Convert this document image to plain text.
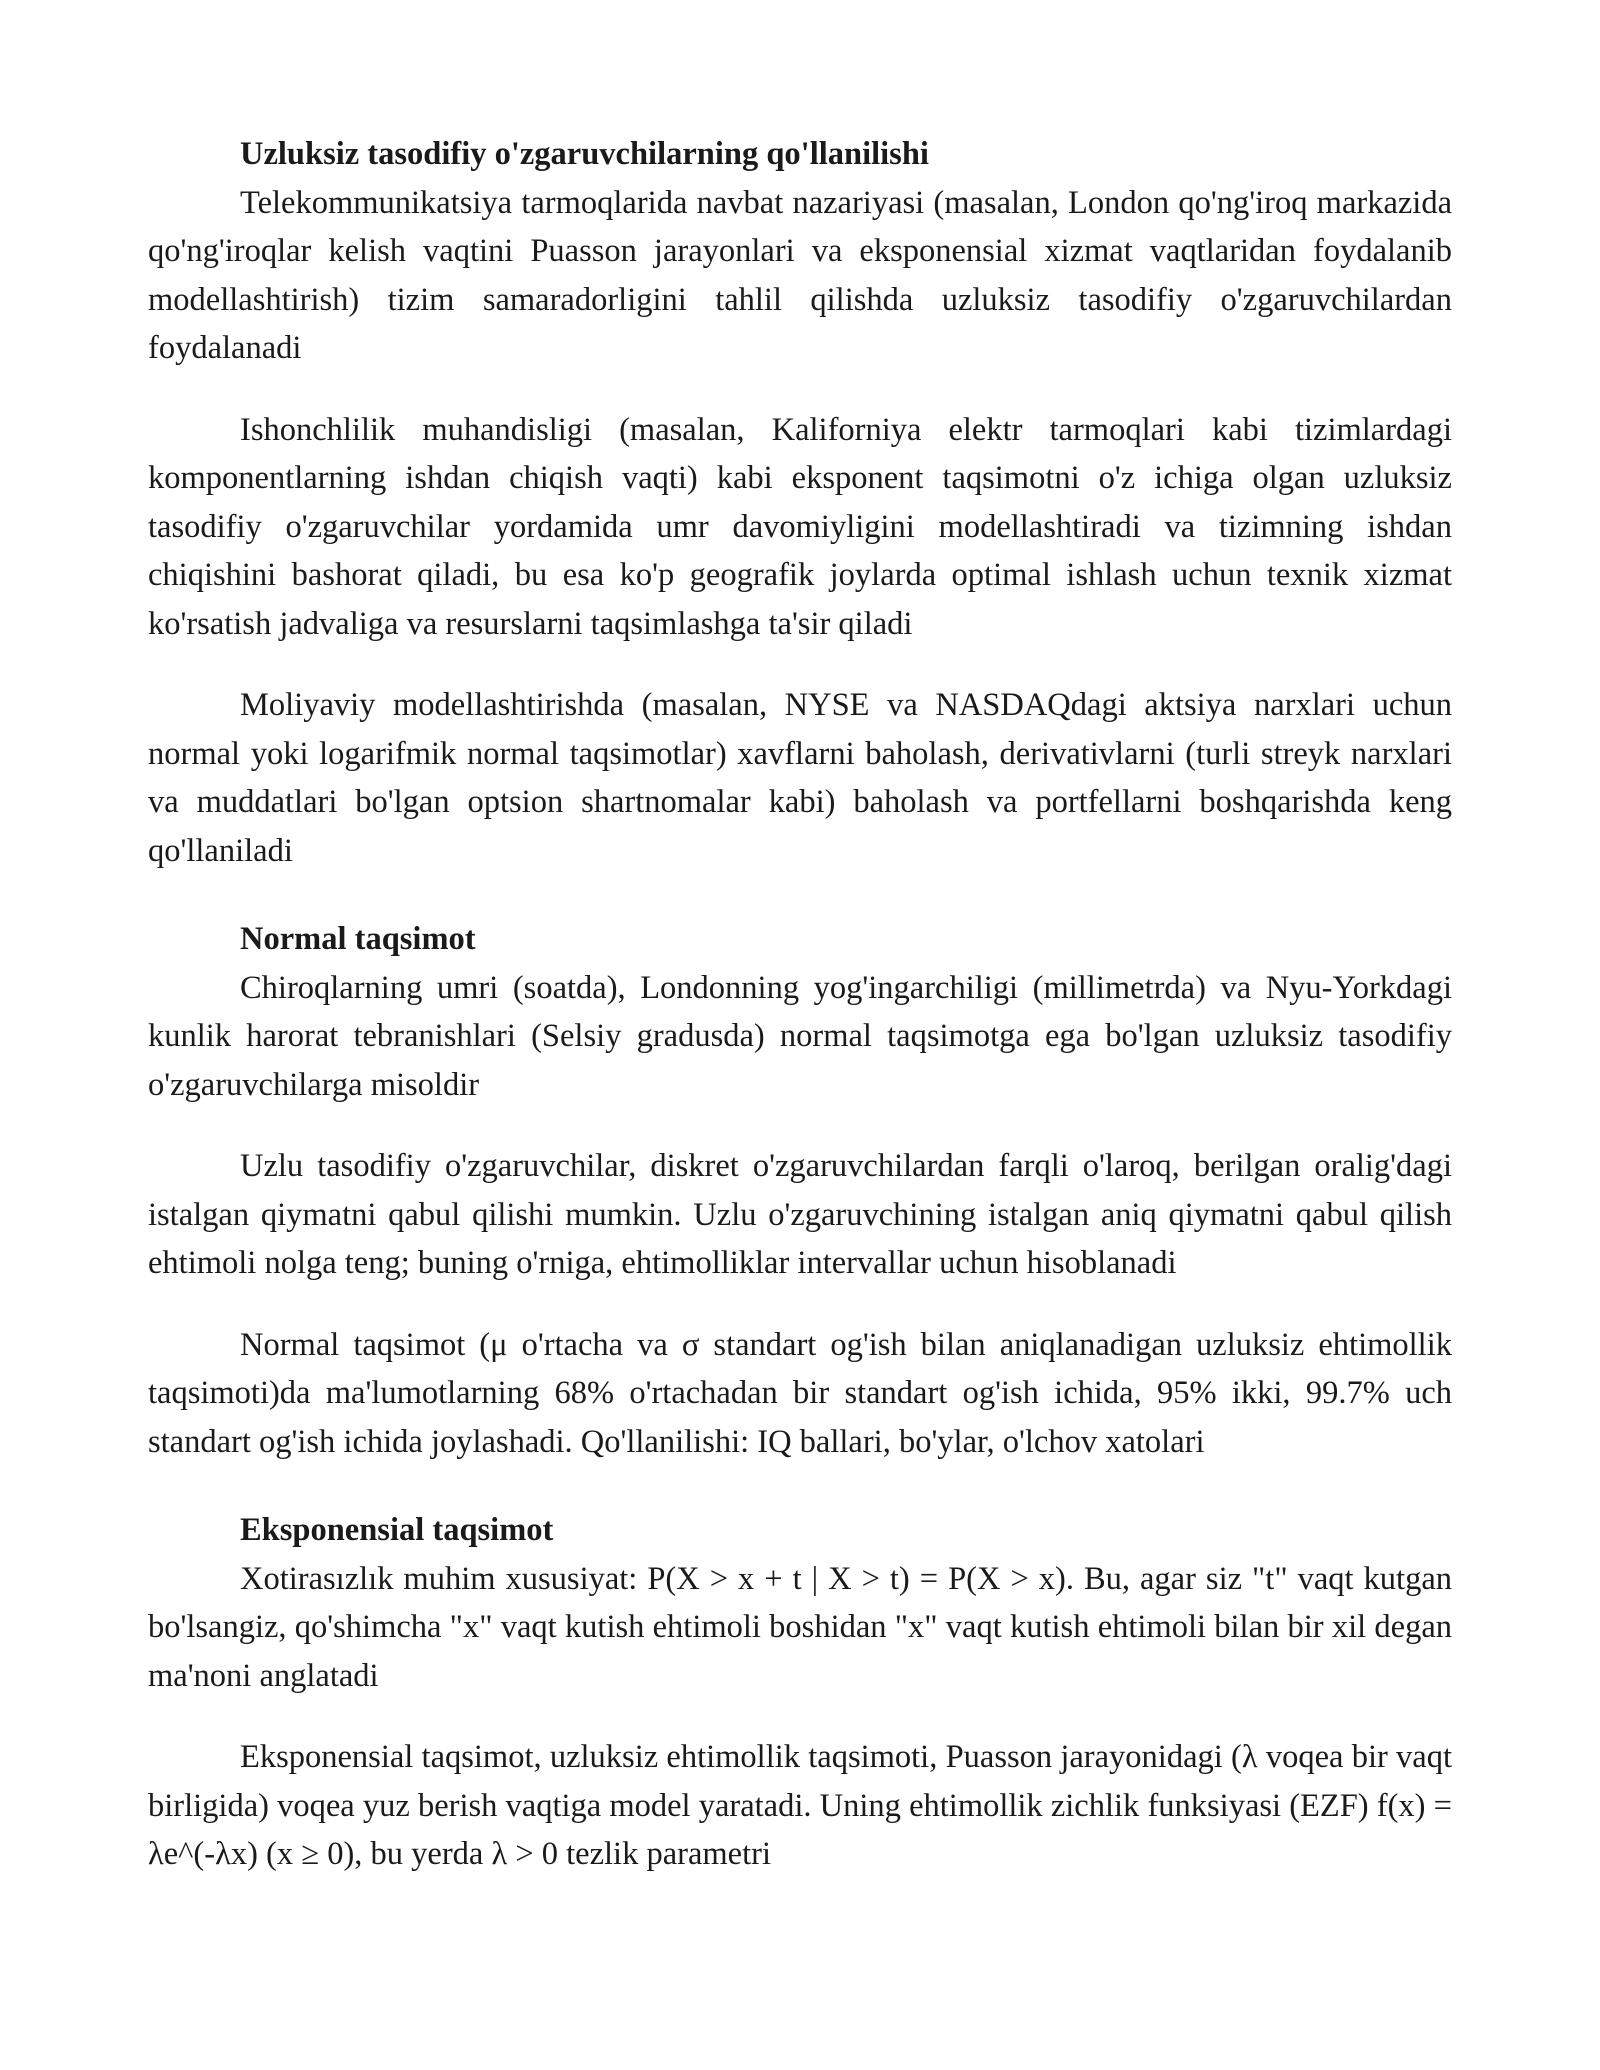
Uzluksiz tasodifiy o'zgaruvchilarning qo'llanilishi

Telekommunikatsiya tarmoqlarida navbat nazariyasi (masalan, London qo'ng'iroq markazida qo'ng'iroqlar kelish vaqtini Puasson jarayonlari va eksponensial xizmat vaqtlaridan foydalanib modellashtirish) tizim samaradorligini tahlil qilishda uzluksiz tasodifiy o'zgaruvchilardan foydalanadi

Ishonchlilik muhandisligi (masalan, Kaliforniya elektr tarmoqlari kabi tizimlardagi komponentlarning ishdan chiqish vaqti) kabi eksponent taqsimotni o'z ichiga olgan uzluksiz tasodifiy o'zgaruvchilar yordamida umr davomiyligini modellashtiradi va tizimning ishdan chiqishini bashorat qiladi, bu esa ko'p geografik joylarda optimal ishlash uchun texnik xizmat ko'rsatish jadvaliga va resurslarni taqsimlashga ta'sir qiladi

Moliyaviy modellashtirishda (masalan, NYSE va NASDAQdagi aktsiya narxlari uchun normal yoki logarifmik normal taqsimotlar) xavflarni baholash, derivativlarni (turli streyk narxlari va muddatlari bo'lgan optsion shartnomalar kabi) baholash va portfellarni boshqarishda keng qo'llaniladi

Normal taqsimot

Chiroqlarning umri (soatda), Londonning yog'ingarchiligi (millimetrda) va Nyu-Yorkdagi kunlik harorat tebranishlari (Selsiy gradusda) normal taqsimotga ega bo'lgan uzluksiz tasodifiy o'zgaruvchilarga misoldir

Uzlu tasodifiy o'zgaruvchilar, diskret o'zgaruvchilardan farqli o'laroq, berilgan oralig'dagi istalgan qiymatni qabul qilishi mumkin. Uzlu o'zgaruvchining istalgan aniq qiymatni qabul qilish ehtimoli nolga teng; buning o'rniga, ehtimolliklar intervallar uchun hisoblanadi

Normal taqsimot (μ o'rtacha va σ standart og'ish bilan aniqlanadigan uzluksiz ehtimollik taqsimoti)da ma'lumotlarning 68% o'rtachadan bir standart og'ish ichida, 95% ikki, 99.7% uch standart og'ish ichida joylashadi. Qo'llanilishi: IQ ballari, bo'ylar, o'lchov xatolari

Eksponensial taqsimot

Xotirasızlık muhim xususiyat: P(X > x + t | X > t) = P(X > x). Bu, agar siz "t" vaqt kutgan bo'lsangiz, qo'shimcha "x" vaqt kutish ehtimoli boshidan "x" vaqt kutish ehtimoli bilan bir xil degan ma'noni anglatadi

Eksponensial taqsimot, uzluksiz ehtimollik taqsimoti, Puasson jarayonidagi (λ voqea bir vaqt birligida) voqea yuz berish vaqtiga model yaratadi. Uning ehtimollik zichlik funksiyasi (EZF) f(x) = λe^(-λx) (x ≥ 0), bu yerda λ > 0 tezlik parametri
